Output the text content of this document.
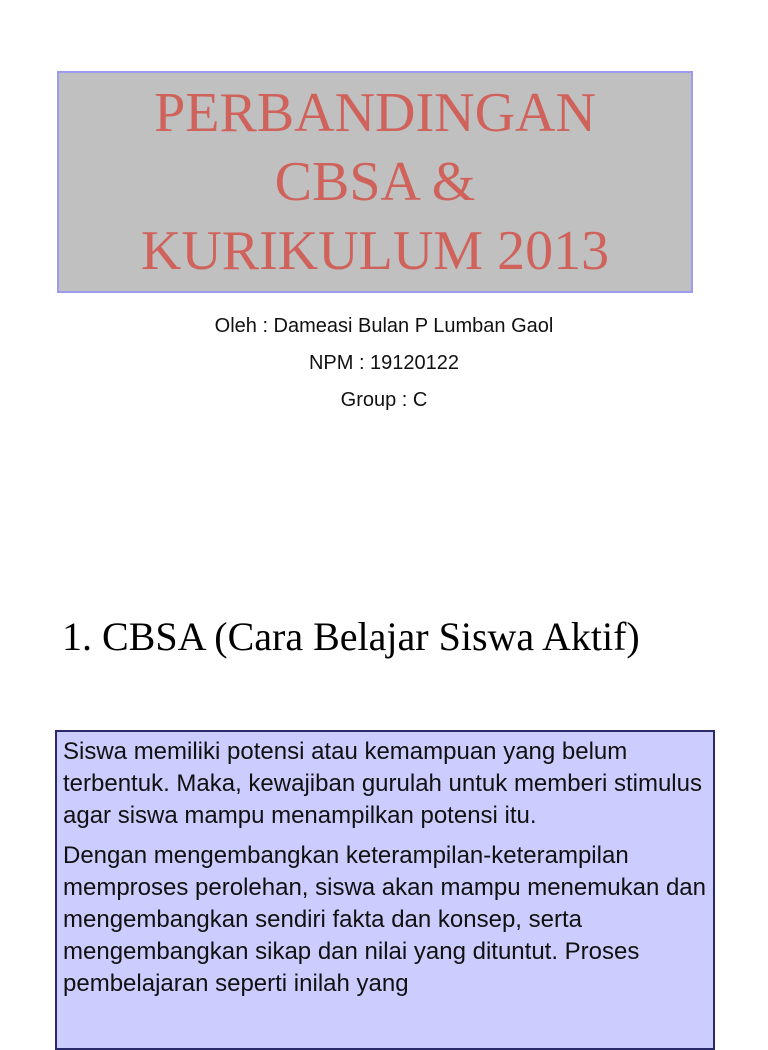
PERBANDINGAN
CBSA &
KURIKULUM 2013
Oleh : Dameasi Bulan P Lumban Gaol
NPM : 19120122
Group : C
1. CBSA (Cara Belajar Siswa Aktif)

Siswa memiliki potensi atau kemampuan yang belum terbentuk. Maka, kewajiban gurulah untuk memberi stimulus agar siswa mampu menampilkan potensi itu.

Dengan mengembangkan keterampilan-keterampilan memproses perolehan, siswa akan mampu menemukan dan mengembangkan sendiri fakta dan konsep, serta mengembangkan sikap dan nilai yang dituntut. Proses pembelajaran seperti inilah yang
